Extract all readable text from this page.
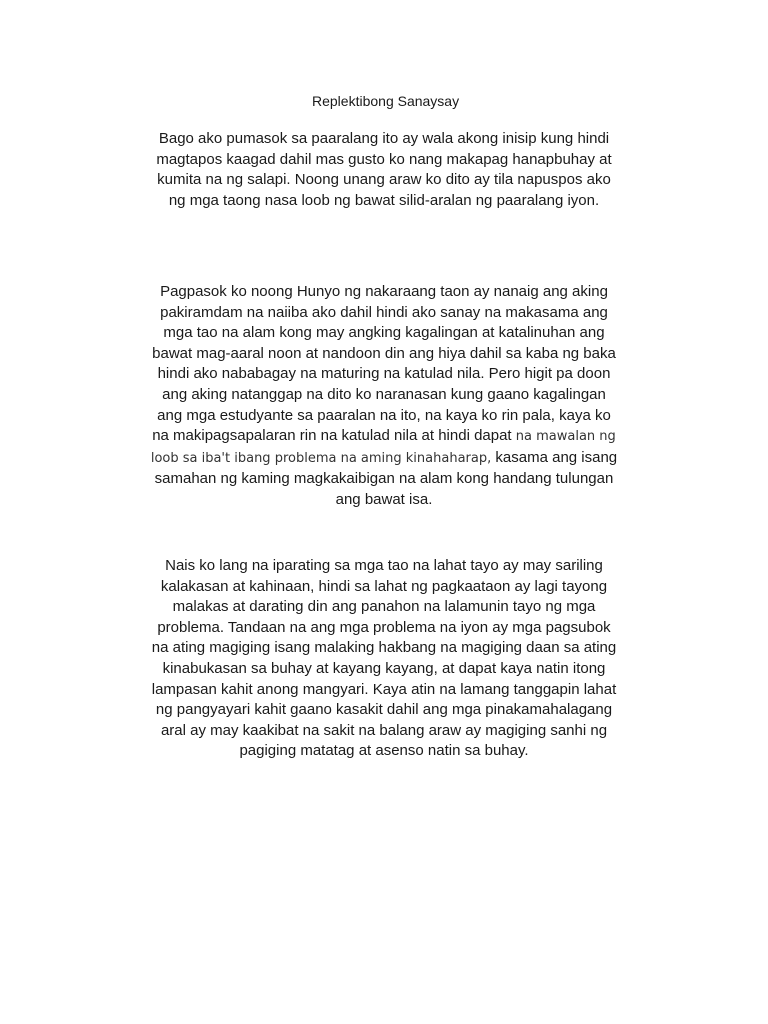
Replektibong Sanaysay
Bago ako pumasok sa paaralang ito ay wala akong inisip kung hindi magtapos kaagad dahil mas gusto ko nang makapag hanapbuhay at kumita na ng salapi. Noong unang araw ko dito ay tila napuspos ako ng mga taong nasa loob ng bawat silid-aralan ng paaralang iyon.
Pagpasok ko noong Hunyo ng nakaraang taon ay nanaig ang aking pakiramdam na naiiba ako dahil hindi ako sanay na makasama ang mga tao na alam kong may angking kagalingan at katalinuhan ang bawat mag-aaral noon at nandoon din ang hiya dahil sa kaba ng baka hindi ako nababagay na maturing na katulad nila. Pero higit pa doon ang aking natanggap na dito ko naranasan kung gaano kagalingan ang mga estudyante sa paaralan na ito, na kaya ko rin pala, kaya ko na makipagsapalaran rin na katulad nila at hindi dapat na mawalan ng loob sa iba't ibang problema na aming kinahaharap, kasama ang isang samahan ng kaming magkakaibigan na alam kong handang tulungan ang bawat isa.
Nais ko lang na iparating sa mga tao na lahat tayo ay may sariling kalakasan at kahinaan, hindi sa lahat ng pagkaataon ay lagi tayong malakas at darating din ang panahon na lalamunin tayo ng mga problema. Tandaan na ang mga problema na iyon ay mga pagsubok na ating magiging isang malaking hakbang na magiging daan sa ating kinabukasan sa buhay at kayang kayang, at dapat kaya natin itong lampasan kahit anong mangyari. Kaya atin na lamang tanggapin lahat ng pangyayari kahit gaano kasakit dahil ang mga pinakamahalagang aral ay may kaakibat na sakit na balang araw ay magiging sanhi ng pagiging matatag at asenso natin sa buhay.
